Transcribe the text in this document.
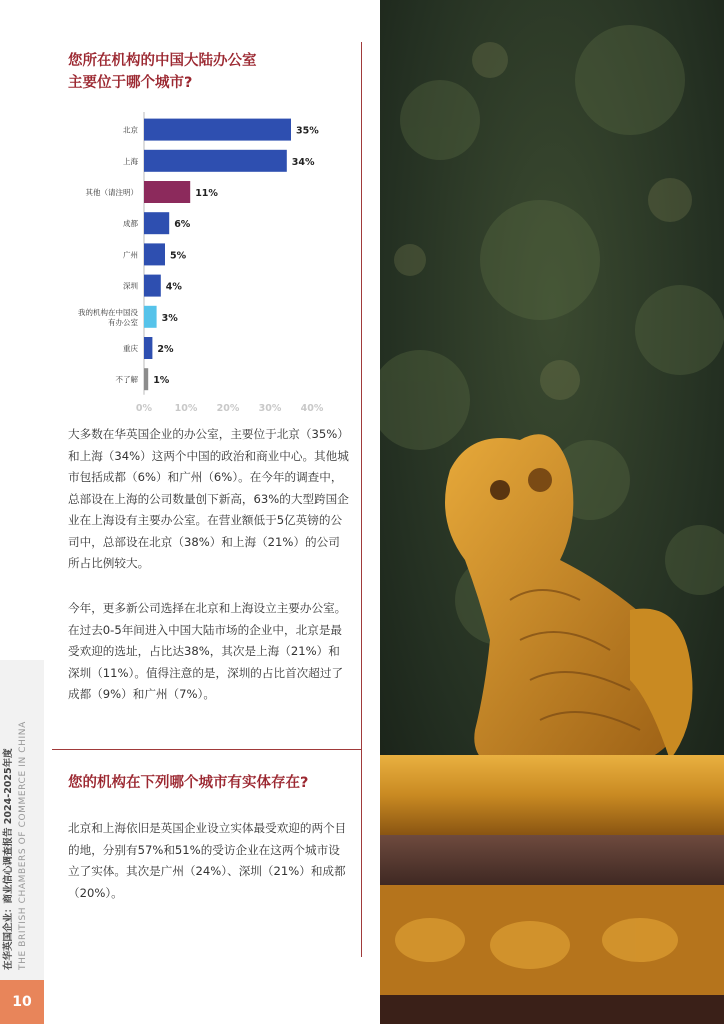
在华英国企业：商业信心调查报告 2024-2025年度 THE BRITISH CHAMBERS OF COMMERCE IN CHINA
10
您所在机构的中国大陆办公室
主要位于哪个城市?
北京	35%
上海	34%
其他（请注明）	11%
成都	6%
广州	5%
深圳	4%
我的机构在中国没
有办公室 3%
重庆 2%
不了解 1%
0% 10% 20% 30% 40%

大多数在华英国企业的办公室，主要位于北京（35%）和上海（34%）这两个中国的政治和商业中心。其他城市包括成都（6%）和广州（6%）。在今年的调查中，总部设在上海的公司数量创下新高，63%的大型跨国企业在上海设有主要办公室。在营业额低于5亿英镑的公司中，总部设在北京（38%）和上海（21%）的公司所占比例较大。

今年，更多新公司选择在北京和上海设立主要办公室。在过去0-5年间进入中国大陆市场的企业中，北京是最受欢迎的选址，占比达38%，其次是上海（21%）和深圳（11%）。值得注意的是，深圳的占比首次超过了成都（9%）和广州（7%）。

您的机构在下列哪个城市有实体存在?

北京和上海依旧是英国企业设立实体最受欢迎的两个目的地，分别有57%和51%的受访企业在这两个城市设立了实体。其次是广州（24%）、深圳（21%）和成都（20%）。
